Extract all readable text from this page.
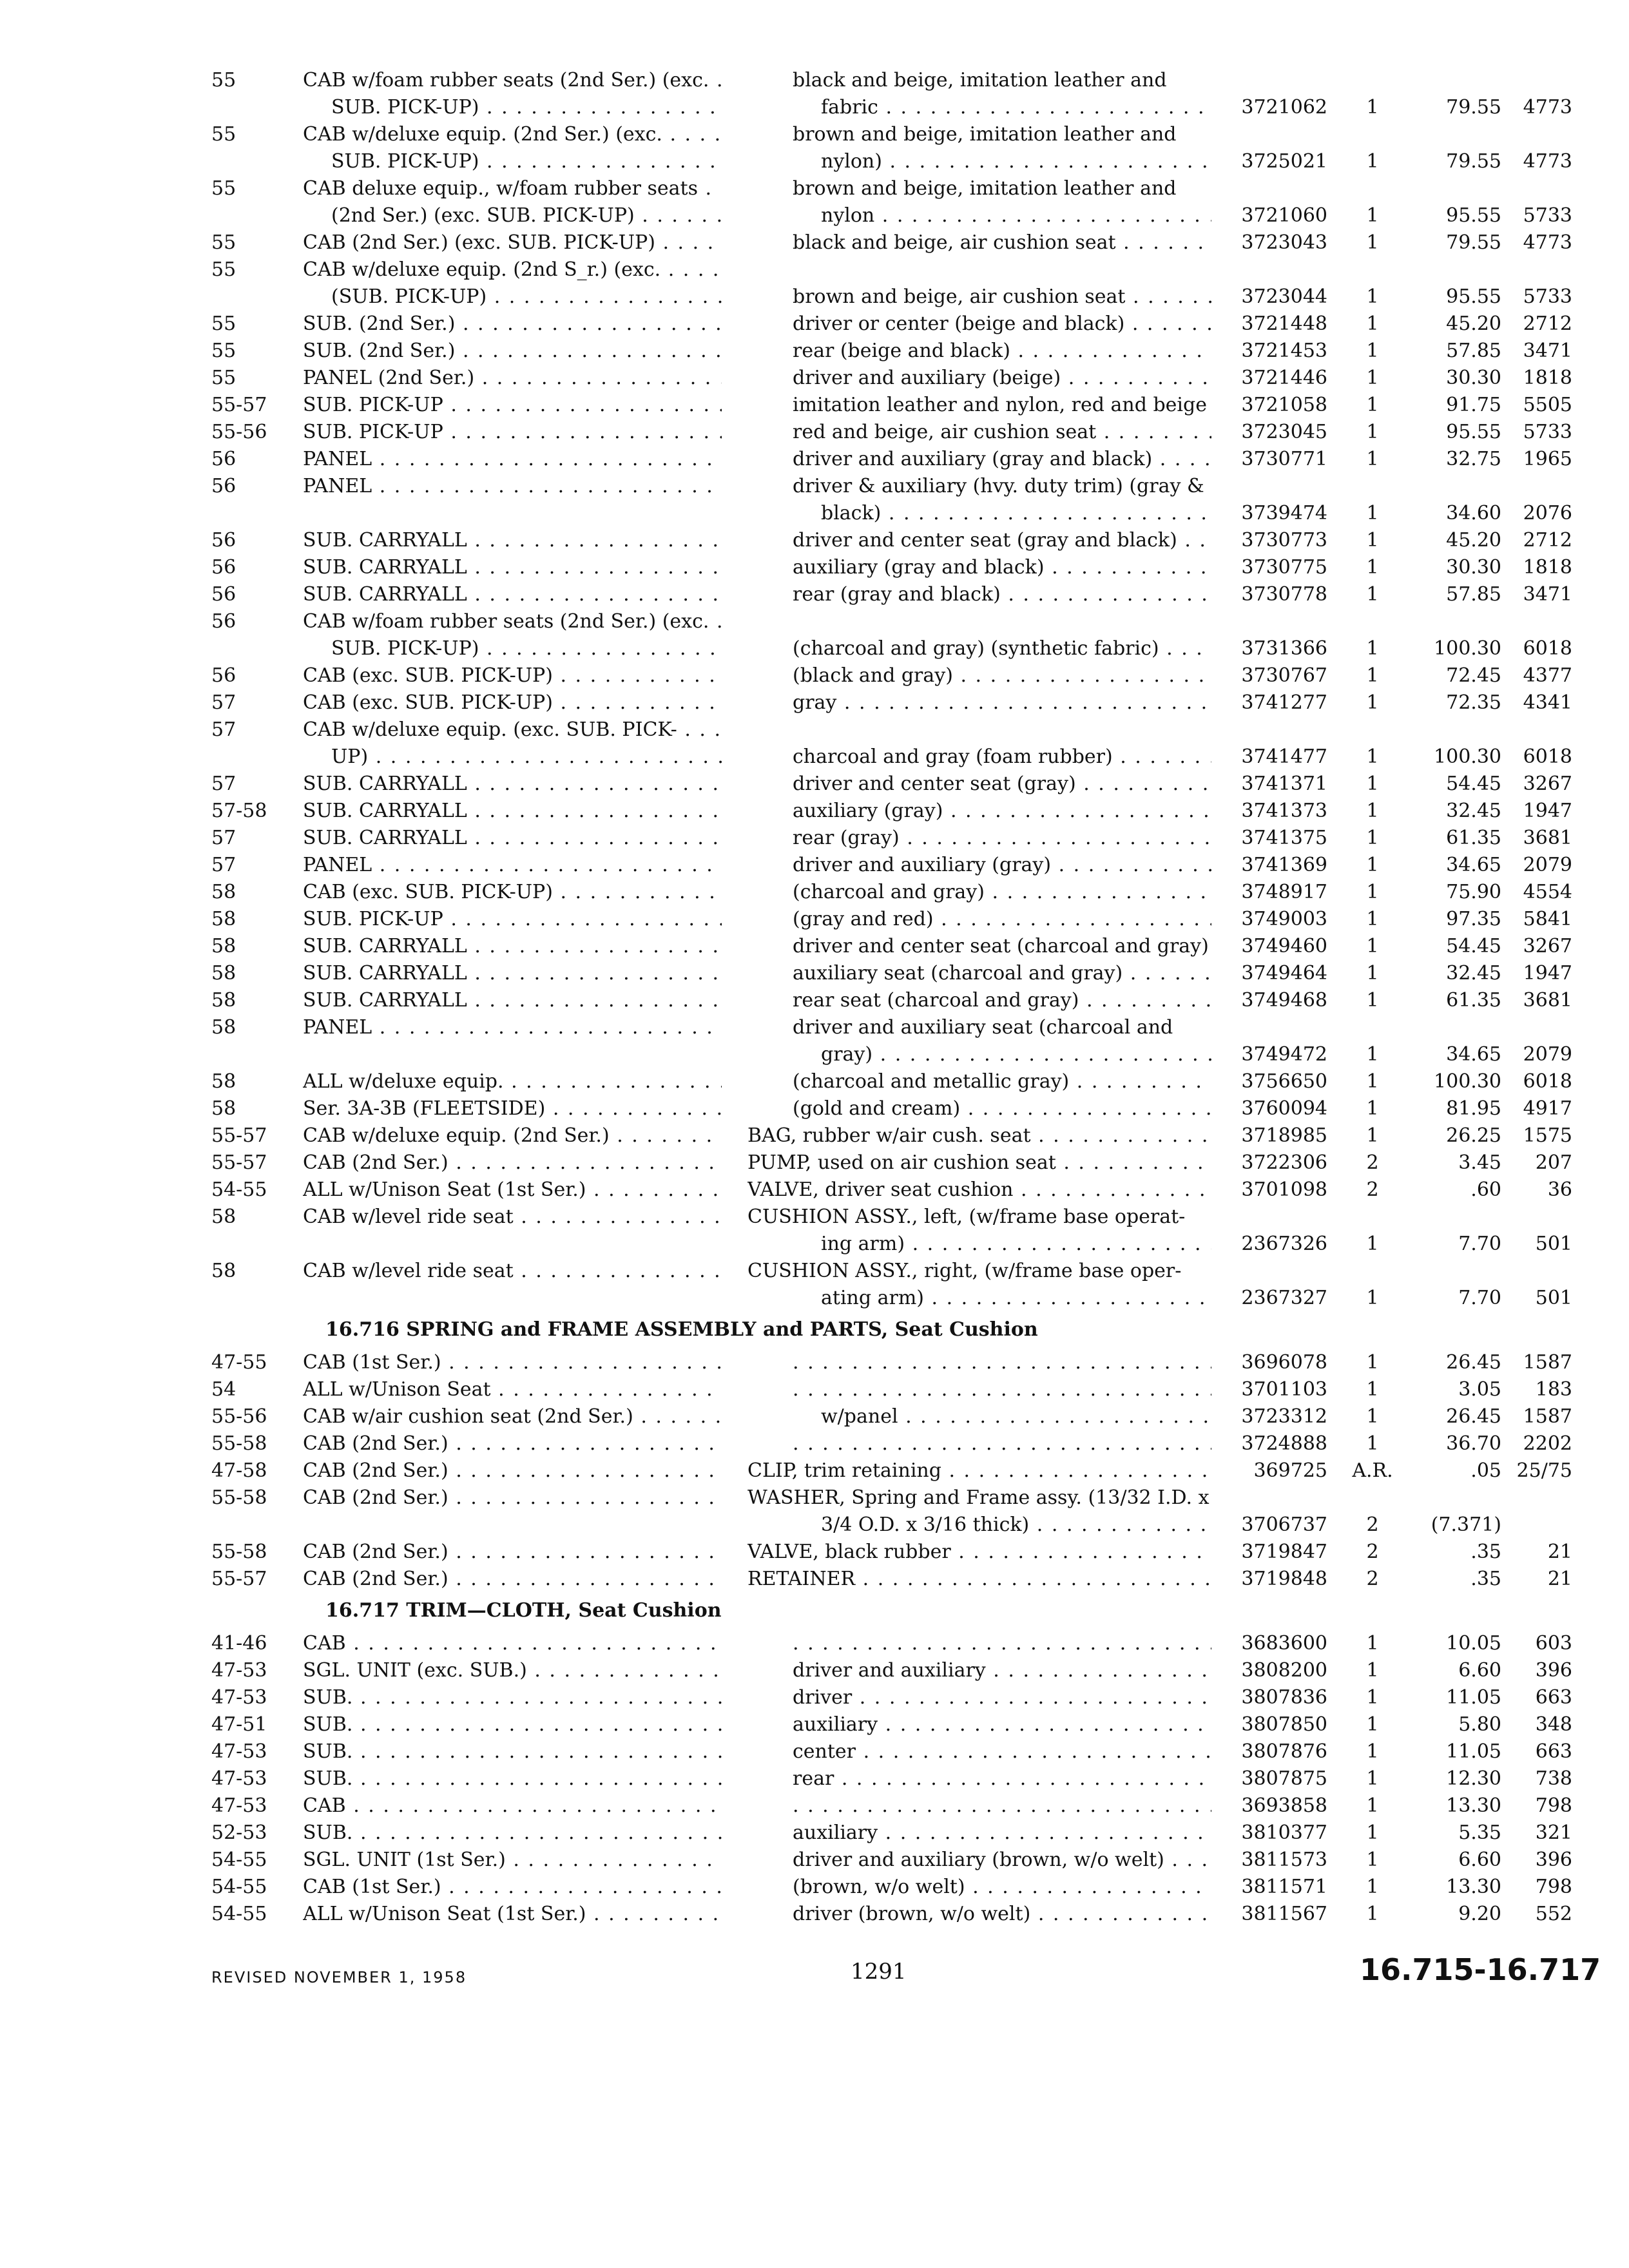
55	CAB w/foam rubber seats (2nd Ser.) (exc. . . .	black and beige, imitation leather and
SUB. PICK-UP) . . .	fabric . . .	3721062	1	79.55	4773
55	CAB w/deluxe equip. (2nd Ser.) (exc. . . .	brown and beige, imitation leather and
SUB. PICK-UP) . . .	nylon) . . .	3725021	1	79.55	4773
55	CAB deluxe equip., w/foam rubber seats . . .	brown and beige, imitation leather and
(2nd Ser.) (exc. SUB. PICK-UP) . . .	nylon . . .	3721060	1	95.55	5733
55	CAB (2nd Ser.) (exc. SUB. PICK-UP) . . .	black and beige, air cushion seat . . .	3723043	1	79.55	4773
55	CAB w/deluxe equip. (2nd S_r.) (exc. . . .
(SUB. PICK-UP) . . .	brown and beige, air cushion seat . . .	3723044	1	95.55	5733
55	SUB. (2nd Ser.) . . .	driver or center (beige and black) . . .	3721448	1	45.20	2712
55	SUB. (2nd Ser.) . . .	rear (beige and black) . . .	3721453	1	57.85	3471
55	PANEL (2nd Ser.) . . .	driver and auxiliary (beige) . . .	3721446	1	30.30	1818
55-57	SUB. PICK-UP . . .	imitation leather and nylon, red and beige . . .	3721058	1	91.75	5505
55-56	SUB. PICK-UP . . .	red and beige, air cushion seat . . .	3723045	1	95.55	5733
56	PANEL . . .	driver and auxiliary (gray and black) . . .	3730771	1	32.75	1965
56	PANEL . . .	driver & auxiliary (hvy. duty trim) (gray &
black) . . .	3739474	1	34.60	2076
56	SUB. CARRYALL . . .	driver and center seat (gray and black) . . .	3730773	1	45.20	2712
56	SUB. CARRYALL . . .	auxiliary (gray and black) . . .	3730775	1	30.30	1818
56	SUB. CARRYALL . . .	rear (gray and black) . . .	3730778	1	57.85	3471
56	CAB w/foam rubber seats (2nd Ser.) (exc. . . .
SUB. PICK-UP) . . .	(charcoal and gray) (synthetic fabric) . . .	3731366	1	100.30	6018
56	CAB (exc. SUB. PICK-UP) . . .	(black and gray) . . .	3730767	1	72.45	4377
57	CAB (exc. SUB. PICK-UP) . . .	gray . . .	3741277	1	72.35	4341
57	CAB w/deluxe equip. (exc. SUB. PICK- . . .
UP) . . .	charcoal and gray (foam rubber) . . .	3741477	1	100.30	6018
57	SUB. CARRYALL . . .	driver and center seat (gray) . . .	3741371	1	54.45	3267
57-58	SUB. CARRYALL . . .	auxiliary (gray) . . .	3741373	1	32.45	1947
57	SUB. CARRYALL . . .	rear (gray) . . .	3741375	1	61.35	3681
57	PANEL . . .	driver and auxiliary (gray) . . .	3741369	1	34.65	2079
58	CAB (exc. SUB. PICK-UP) . . .	(charcoal and gray) . . .	3748917	1	75.90	4554
58	SUB. PICK-UP . . .	(gray and red) . . .	3749003	1	97.35	5841
58	SUB. CARRYALL . . .	driver and center seat (charcoal and gray) . . .	3749460	1	54.45	3267
58	SUB. CARRYALL . . .	auxiliary seat (charcoal and gray) . . .	3749464	1	32.45	1947
58	SUB. CARRYALL . . .	rear seat (charcoal and gray) . . .	3749468	1	61.35	3681
58	PANEL . . .	driver and auxiliary seat (charcoal and
gray) . . .	3749472	1	34.65	2079
58	ALL w/deluxe equip. . . .	(charcoal and metallic gray) . . .	3756650	1	100.30	6018
58	Ser. 3A-3B (FLEETSIDE) . . .	(gold and cream) . . .	3760094	1	81.95	4917
55-57	CAB w/deluxe equip. (2nd Ser.) . . .	BAG, rubber w/air cush. seat . . .	3718985	1	26.25	1575
55-57	CAB (2nd Ser.) . . .	PUMP, used on air cushion seat . . .	3722306	2	3.45	207
54-55	ALL w/Unison Seat (1st Ser.) . . .	VALVE, driver seat cushion . . .	3701098	2	.60	36
58	CAB w/level ride seat . . .	CUSHION ASSY., left, (w/frame base operat-
ing arm) . . .	2367326	1	7.70	501
58	CAB w/level ride seat . . .	CUSHION ASSY., right, (w/frame base oper-
ating arm) . . .	2367327	1	7.70	501
47-55	CAB (1st Ser.) . . . . . .	3696078	1	26.45	1587
54	ALL w/Unison Seat . . . . . .	3701103	1	3.05	183
55-56	CAB w/air cushion seat (2nd Ser.) . . .	w/panel . . .	3723312	1	26.45	1587
55-58	CAB (2nd Ser.) . . . . . .	3724888	1	36.70	2202
47-58	CAB (2nd Ser.) . . .	CLIP, trim retaining . . .	369725 A.R.	.05 25/75
55-58	CAB (2nd Ser.) . . .	WASHER, Spring and Frame assy. (13/32 I.D. x
3/4 O.D. x 3/16 thick) . . .	3706737	2	(7.371)
55-58	CAB (2nd Ser.) . . .	VALVE, black rubber . . .	3719847	2	.35	21
55-57	CAB (2nd Ser.) . . .	RETAINER . . .	3719848	2	.35	21
41-46	CAB . . . . . .	3683600	1	10.05	603
47-53	SGL. UNIT (exc. SUB.) . . .	driver and auxiliary . . .	3808200	1	6.60	396
47-53	SUB. . . .	driver . . .	3807836	1	11.05	663
47-51	SUB. . . .	auxiliary . . .	3807850	1	5.80	348
47-53	SUB. . . .	center . . .	3807876	1	11.05	663
47-53	SUB. . . .	rear . . .	3807875	1	12.30	738
47-53	CAB . . . . . .	3693858	1	13.30	798
52-53	SUB. . . .	auxiliary . . .	3810377	1	5.35	321
54-55	SGL. UNIT (1st Ser.) . . .	driver and auxiliary (brown, w/o welt) . . .	3811573	1	6.60	396
54-55	CAB (1st Ser.) . . .	(brown, w/o welt) . . .	3811571	1	13.30	798
54-55	ALL w/Unison Seat (1st Ser.) . . .	driver (brown, w/o welt) . . .	3811567	1	9.20	552
16.716 SPRING and FRAME ASSEMBLY and PARTS, Seat Cushion
16.717 TRIM—CLOTH, Seat Cushion
REVISED NOVEMBER 1, 1958	1291	16.715-16.717
